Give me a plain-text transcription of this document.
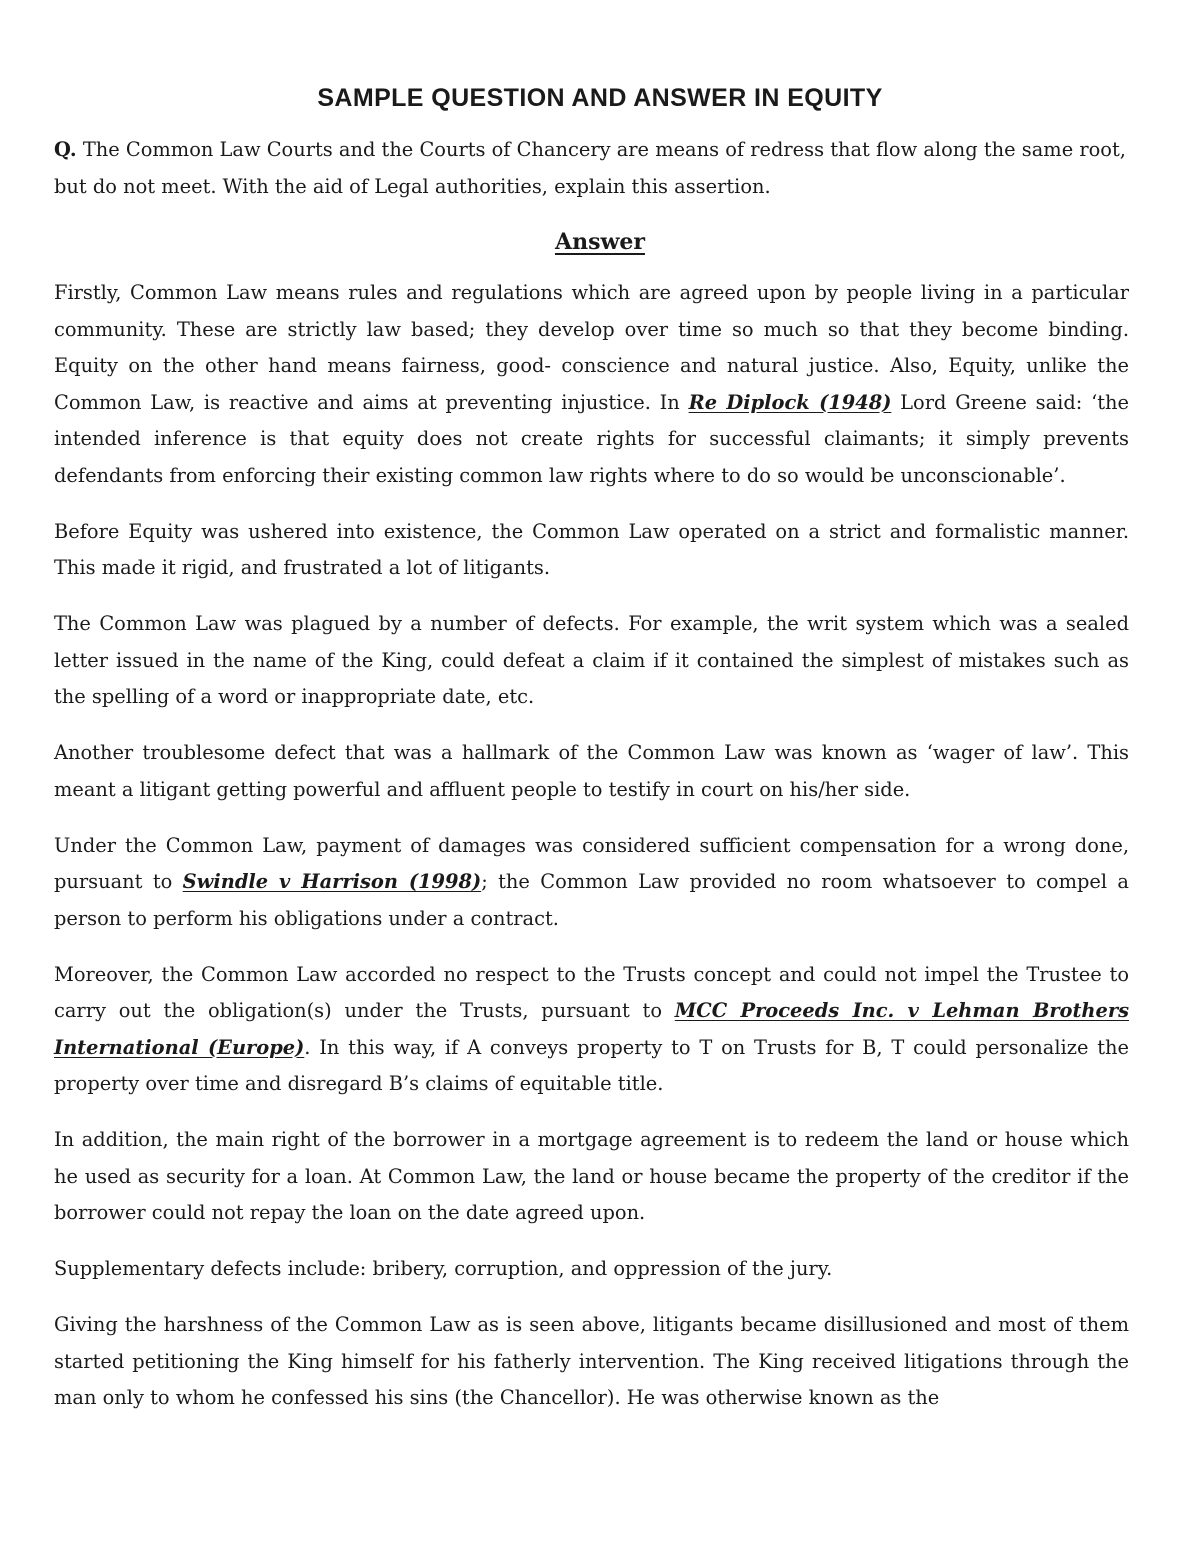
SAMPLE QUESTION AND ANSWER IN EQUITY

Q. The Common Law Courts and the Courts of Chancery are means of redress that flow along the same root, but do not meet. With the aid of Legal authorities, explain this assertion.

Answer

Firstly, Common Law means rules and regulations which are agreed upon by people living in a particular community. These are strictly law based; they develop over time so much so that they become binding. Equity on the other hand means fairness, good- conscience and natural justice. Also, Equity, unlike the Common Law, is reactive and aims at preventing injustice. In Re Diplock (1948) Lord Greene said: ‘the intended inference is that equity does not create rights for successful claimants; it simply prevents defendants from enforcing their existing common law rights where to do so would be unconscionable’.

Before Equity was ushered into existence, the Common Law operated on a strict and formalistic manner. This made it rigid, and frustrated a lot of litigants.

The Common Law was plagued by a number of defects. For example, the writ system which was a sealed letter issued in the name of the King, could defeat a claim if it contained the simplest of mistakes such as the spelling of a word or inappropriate date, etc.

Another troublesome defect that was a hallmark of the Common Law was known as ‘wager of law’. This meant a litigant getting powerful and affluent people to testify in court on his/her side.

Under the Common Law, payment of damages was considered sufficient compensation for a wrong done, pursuant to Swindle v Harrison (1998); the Common Law provided no room whatsoever to compel a person to perform his obligations under a contract.

Moreover, the Common Law accorded no respect to the Trusts concept and could not impel the Trustee to carry out the obligation(s) under the Trusts, pursuant to MCC Proceeds Inc. v Lehman Brothers International (Europe). In this way, if A conveys property to T on Trusts for B, T could personalize the property over time and disregard B’s claims of equitable title.

In addition, the main right of the borrower in a mortgage agreement is to redeem the land or house which he used as security for a loan. At Common Law, the land or house became the property of the creditor if the borrower could not repay the loan on the date agreed upon.

Supplementary defects include: bribery, corruption, and oppression of the jury.

Giving the harshness of the Common Law as is seen above, litigants became disillusioned and most of them started petitioning the King himself for his fatherly intervention. The King received litigations through the man only to whom he confessed his sins (the Chancellor). He was otherwise known as the
